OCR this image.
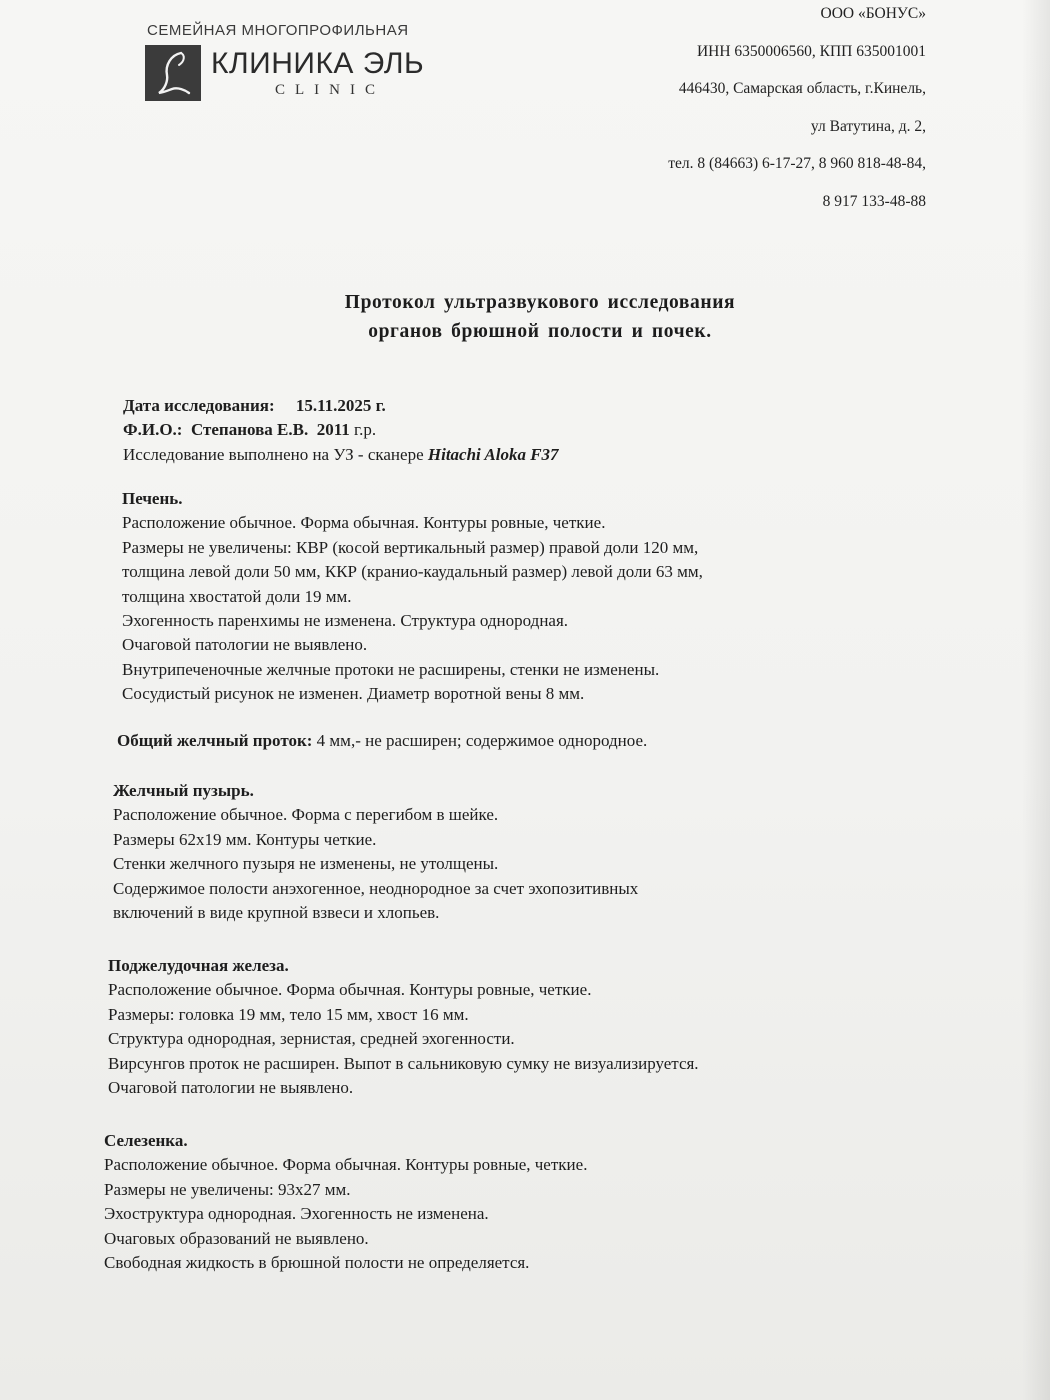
СЕМЕЙНАЯ МНОГОПРОФИЛЬНАЯ
КЛИНИКА ЭЛЬ
CLINIC
ООО «БОНУС»
ИНН 6350006560, КПП 635001001
446430, Самарская область, г.Кинель,
ул Ватутина, д. 2,
тел. 8 (84663) 6-17-27, 8 960 818-48-84,
8 917 133-48-88
Протокол ультразвукового исследования
органов брюшной полости и почек.
Дата исследования: 15.11.2025 г.
Ф.И.О.: Степанова Е.В. 2011 г.р.
Исследование выполнено на УЗ - сканере Hitachi Aloka F37
Печень.
Расположение обычное. Форма обычная. Контуры ровные, четкие.
Размеры не увеличены: КВР (косой вертикальный размер) правой доли 120 мм,
толщина левой доли 50 мм, ККР (кранио-каудальный размер) левой доли 63 мм,
толщина хвостатой доли 19 мм.
Эхогенность паренхимы не изменена. Структура однородная.
Очаговой патологии не выявлено.
Внутрипеченочные желчные протоки не расширены, стенки не изменены.
Сосудистый рисунок не изменен. Диаметр воротной вены 8 мм.
Общий желчный проток: 4 мм,- не расширен; содержимое однородное.
Желчный пузырь.
Расположение обычное. Форма с перегибом в шейке.
Размеры 62х19 мм. Контуры четкие.
Стенки желчного пузыря не изменены, не утолщены.
Содержимое полости анэхогенное, неоднородное за счет эхопозитивных
включений в виде крупной взвеси и хлопьев.
Поджелудочная железа.
Расположение обычное. Форма обычная. Контуры ровные, четкие.
Размеры: головка 19 мм, тело 15 мм, хвост 16 мм.
Структура однородная, зернистая, средней эхогенности.
Вирсунгов проток не расширен. Выпот в сальниковую сумку не визуализируется.
Очаговой патологии не выявлено.
Селезенка.
Расположение обычное. Форма обычная. Контуры ровные, четкие.
Размеры не увеличены: 93х27 мм.
Эхоструктура однородная. Эхогенность не изменена.
Очаговых образований не выявлено.
Свободная жидкость в брюшной полости не определяется.
